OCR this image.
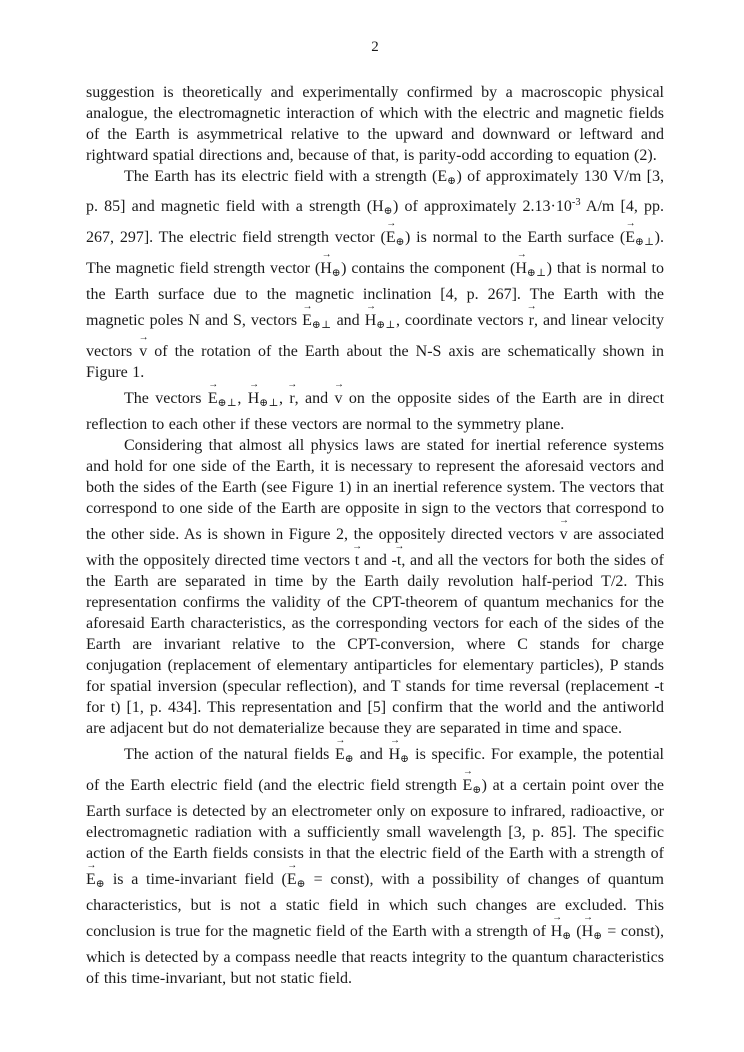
2

suggestion is theoretically and experimentally confirmed by a macroscopic physical analogue, the electromagnetic interaction of which with the electric and magnetic fields of the Earth is asymmetrical relative to the upward and downward or leftward and rightward spatial directions and, because of that, is parity-odd according to equation (2).

The Earth has its electric field with a strength $(E_\oplus)$ of approximately 130 V/m [3, p. 85] and magnetic field with a strength $(H_\oplus)$ of approximately $2.13\cdot 10^{-3}$ A/m [4, pp. 267, 297]. The electric field strength vector (→ $E_\oplus$) is normal to the Earth surface (→ $E_{\oplus\perp}$). The magnetic field strength vector (→ $H_\oplus$) contains the component (→ $H_{\oplus\perp}$) that is normal to the Earth surface due to the magnetic inclination [4, p. 267]. The Earth with the magnetic poles N and S, vectors → $E_{\oplus\perp}$ and → $H_{\oplus\perp}$, coordinate vectors → r, and linear velocity vectors → v of the rotation of the Earth about the N-S axis are schematically shown in Figure 1.

The vectors → $E_{\oplus\perp}$, → $H_{\oplus\perp}$, → r, and → v on the opposite sides of the Earth are in direct reflection to each other if these vectors are normal to the symmetry plane.

Considering that almost all physics laws are stated for inertial reference systems and hold for one side of the Earth, it is necessary to represent the aforesaid vectors and both the sides of the Earth (see Figure 1) in an inertial reference system. The vectors that correspond to one side of the Earth are opposite in sign to the vectors that correspond to the other side. As is shown in Figure 2, the oppositely directed vectors → v are associated with the oppositely directed time vectors → t and -→ t, and all the vectors for both the sides of the Earth are separated in time by the Earth daily revolution half-period T/2. This representation confirms the validity of the CPT-theorem of quantum mechanics for the aforesaid Earth characteristics, as the corresponding vectors for each of the sides of the Earth are invariant relative to the CPT-conversion, where C stands for charge conjugation (replacement of elementary antiparticles for elementary particles), P stands for spatial inversion (specular reflection), and T stands for time reversal (replacement -t for t) [1, p. 434]. This representation and [5] confirm that the world and the antiworld are adjacent but do not dematerialize because they are separated in time and space.

The action of the natural fields → $E_\oplus$ and → $H_\oplus$ is specific. For example, the potential of the Earth electric field (and the electric field strength → $E_\oplus$) at a certain point over the Earth surface is detected by an electrometer only on exposure to infrared, radioactive, or electromagnetic radiation with a sufficiently small wavelength [3, p. 85]. The specific action of the Earth fields consists in that the electric field of the Earth with a strength of → $E_\oplus$ is a time-invariant field (→ $E_\oplus$ = const), with a possibility of changes of quantum characteristics, but is not a static field in which such changes are excluded. This conclusion is true for the magnetic field of the Earth with a strength of → $H_\oplus$ (→ $H_\oplus$ = const), which is detected by a compass needle that reacts integrity to the quantum characteristics of this time-invariant, but not static field.
